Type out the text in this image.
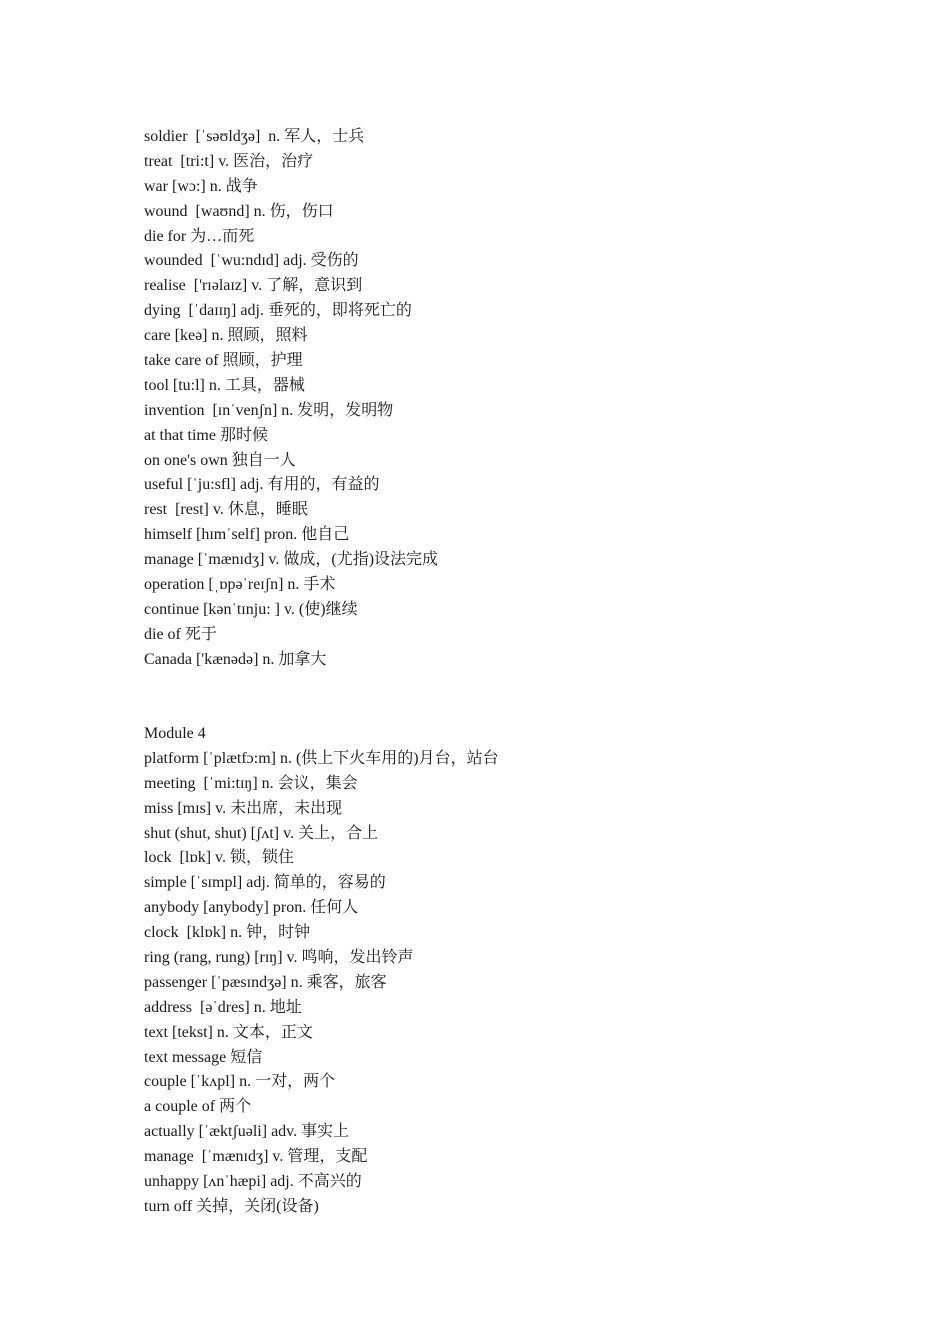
soldier  [ˈsəʊldʒə]  n. 军人，士兵
treat  [tri:t] v. 医治，治疗
war [wɔ:] n. 战争
wound  [waʊnd] n. 伤，伤口
die for 为…而死
wounded  [ˈwu:ndɪd] adj. 受伤的
realise  ['rɪəlaɪz] v. 了解，意识到
dying  [ˈdaɪɪŋ] adj. 垂死的，即将死亡的
care [keə] n. 照顾，照料
take care of 照顾，护理
tool [tu:l] n. 工具，器械
invention  [ɪnˈvenʃn] n. 发明，发明物
at that time 那时候
on one's own 独自一人
useful [ˈju:sfl] adj. 有用的，有益的
rest  [rest] v. 休息，睡眠
himself [hɪmˈself] pron. 他自己
manage [ˈmænɪdʒ] v. 做成，(尤指)设法完成
operation [ˌɒpəˈreɪʃn] n. 手术
continue [kənˈtɪnju: ] v. (使)继续
die of 死于
Canada ['kænədə] n. 加拿大
Module 4
platform [ˈplætfɔ:m] n. (供上下火车用的)月台，站台
meeting  [ˈmi:tɪŋ] n. 会议，集会
miss [mɪs] v. 未出席，未出现
shut (shut, shut) [ʃʌt] v. 关上，合上
lock  [lɒk] v. 锁，锁住
simple [ˈsɪmpl] adj. 简单的，容易的
anybody [anybody] pron. 任何人
clock  [klɒk] n. 钟，时钟
ring (rang, rung) [rɪŋ] v. 鸣响，发出铃声
passenger [ˈpæsɪndʒə] n. 乘客，旅客
address  [əˈdres] n. 地址
text [tekst] n. 文本，正文
text message 短信
couple [ˈkʌpl] n. 一对，两个
a couple of 两个
actually [ˈæktʃuəli] adv. 事实上
manage  [ˈmænɪdʒ] v. 管理，支配
unhappy [ʌnˈhæpi] adj. 不高兴的
turn off 关掉，关闭(设备)
